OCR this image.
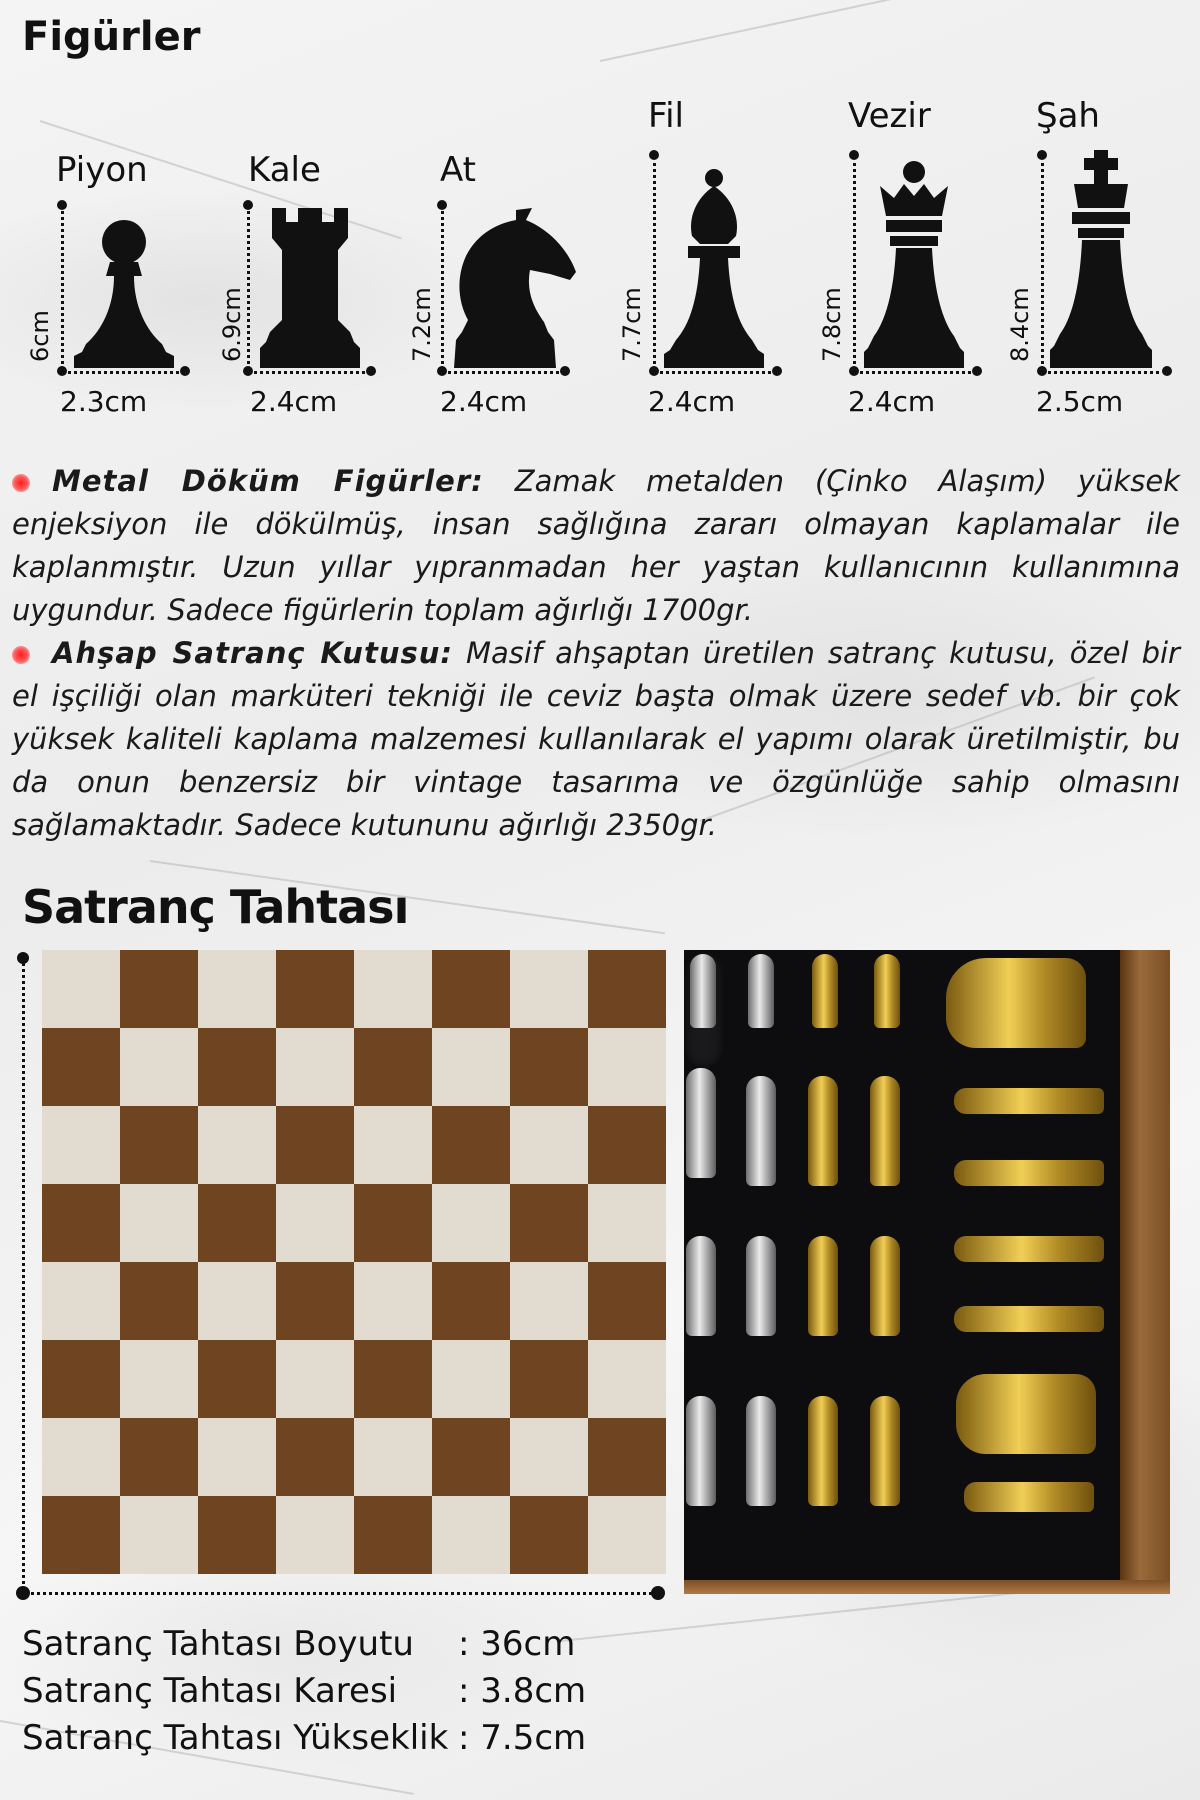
Figürler
Piyon
6cm
2.3cm
Kale
6.9cm
2.4cm
At
7.2cm
2.4cm
Fil
7.7cm
2.4cm
Vezir
7.8cm
2.4cm
Şah
8.4cm
2.5cm

Metal Döküm Figürler: Zamak metalden (Çinko Alaşım) yüksek enjeksiyon ile dökülmüş, insan sağlığına zararı olmayan kaplamalar ile kaplanmıştır. Uzun yıllar yıpranmadan her yaştan kullanıcının kullanımına uygundur. Sadece figürlerin toplam ağırlığı 1700gr.

Ahşap Satranç Kutusu: Masif ahşaptan üretilen satranç kutusu, özel bir el işçiliği olan marküteri tekniği ile ceviz başta olmak üzere sedef vb. bir çok yüksek kaliteli kaplama malzemesi kullanılarak el yapımı olarak üretilmiştir, bu da onun benzersiz bir vintage tasarıma ve özgünlüğe sahip olmasını sağlamaktadır. Sadece kutununu ağırlığı 2350gr.

Satranç Tahtası
Satranç Tahtası Boyutu : 36cm
Satranç Tahtası Karesi : 3.8cm
Satranç Tahtası Yükseklik : 7.5cm
